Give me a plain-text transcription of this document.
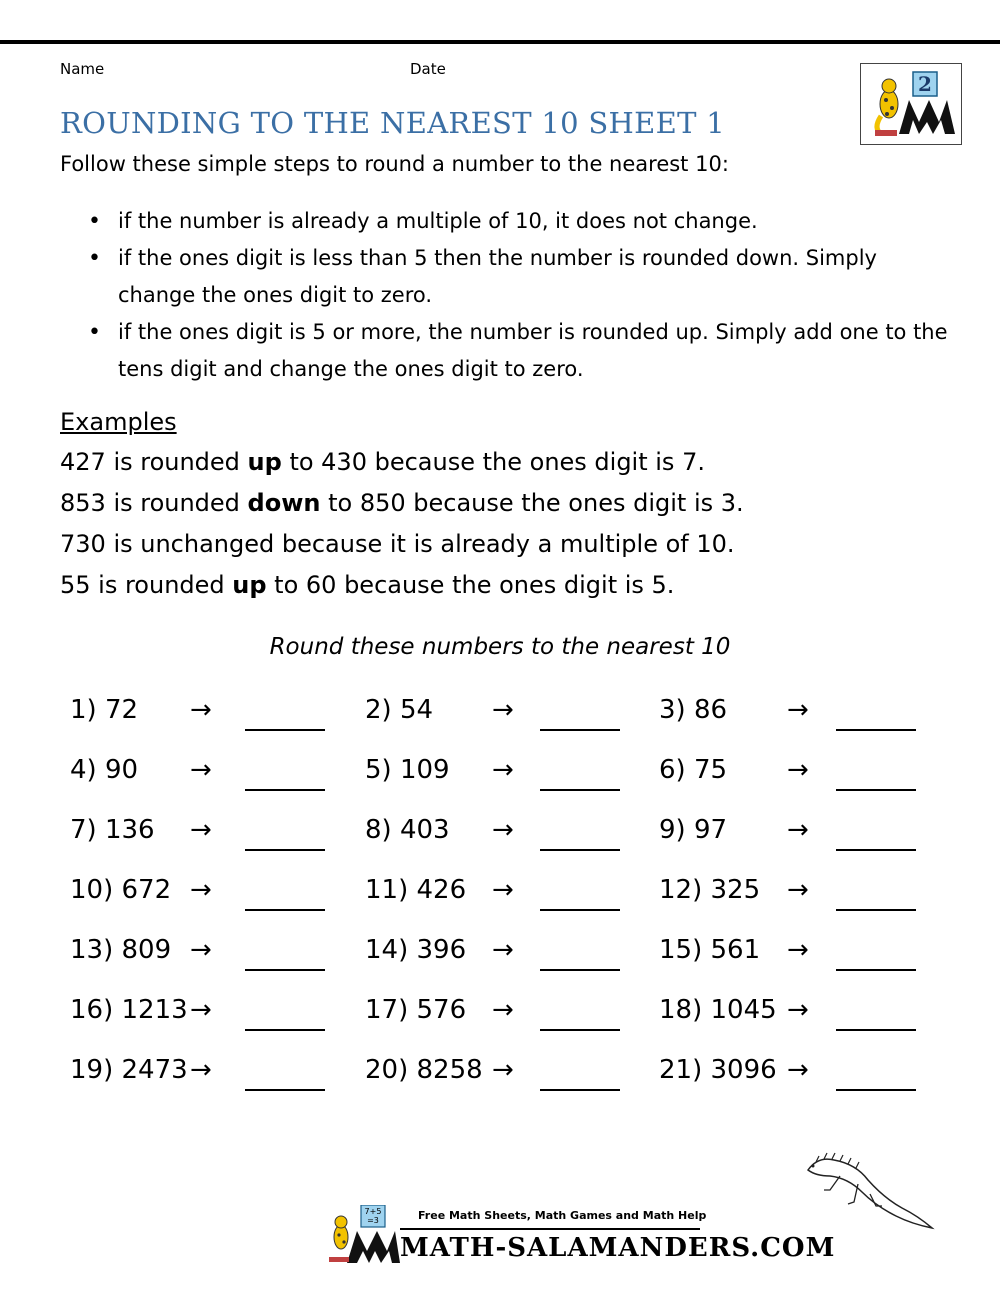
Name	Date
ROUNDING TO THE NEAREST 10 SHEET 1
2
Follow these simple steps to round a number to the nearest 10:
• if the number is already a multiple of 10, it does not change.
• if the ones digit is less than 5 then the number is rounded down. Simply change the ones digit to zero.
• if the ones digit is 5 or more, the number is rounded up. Simply add one to the tens digit and change the ones digit to zero.
Examples
427 is rounded up to 430 because the ones digit is 7.
853 is rounded down to 850 because the ones digit is 3.
730 is unchanged because it is already a multiple of 10.
55 is rounded up to 60 because the ones digit is 5.
Round these numbers to the nearest 10
1) 72 →	2) 54 →	3) 86 →
4) 90 →	5) 109 →	6) 75 →
7) 136 →	8) 403 →	9) 97 →
10) 672 →	11) 426 →	12) 325 →
13) 809 →	14) 396 →	15) 561 →
16) 1213 →	17) 576 →	18) 1045 →
19) 2473 →	20) 8258 →	21) 3096 →
Free Math Sheets, Math Games and Math Help
MATH-SALAMANDERS.COM
7+5
=3
